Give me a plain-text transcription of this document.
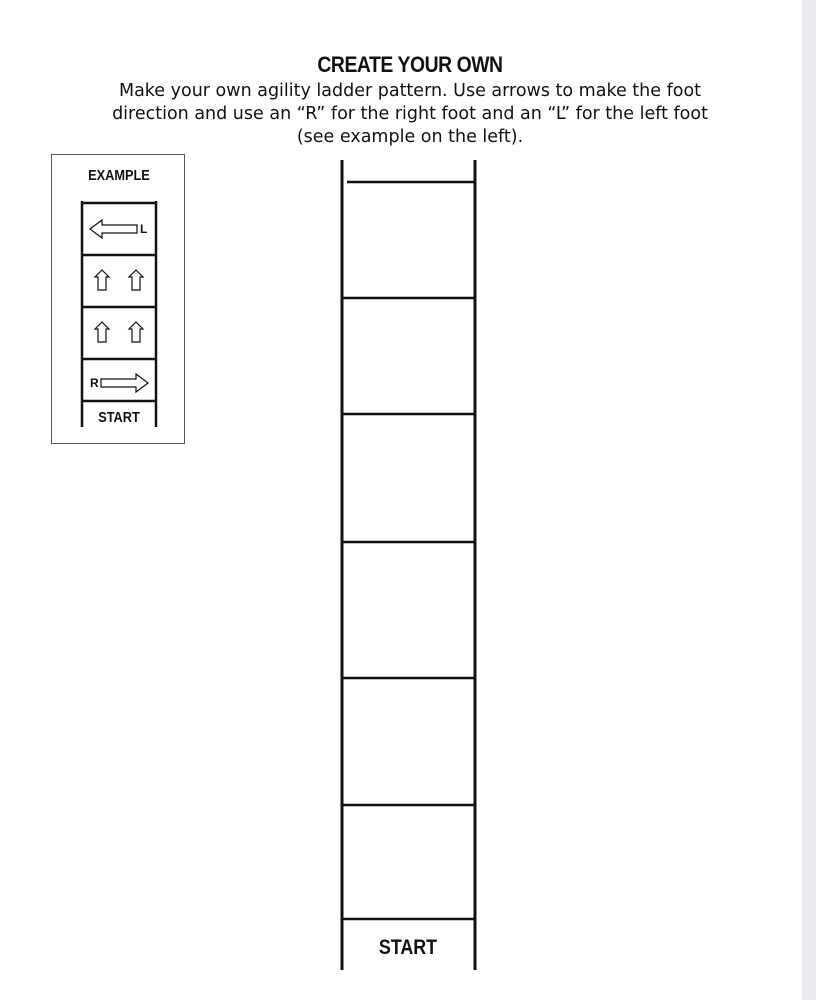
CREATE YOUR OWN
Make your own agility ladder pattern. Use arrows to make the foot direction and use an “R” for the right foot and an “L” for the left foot (see example on the left).
EXAMPLE
L
R
START
START
